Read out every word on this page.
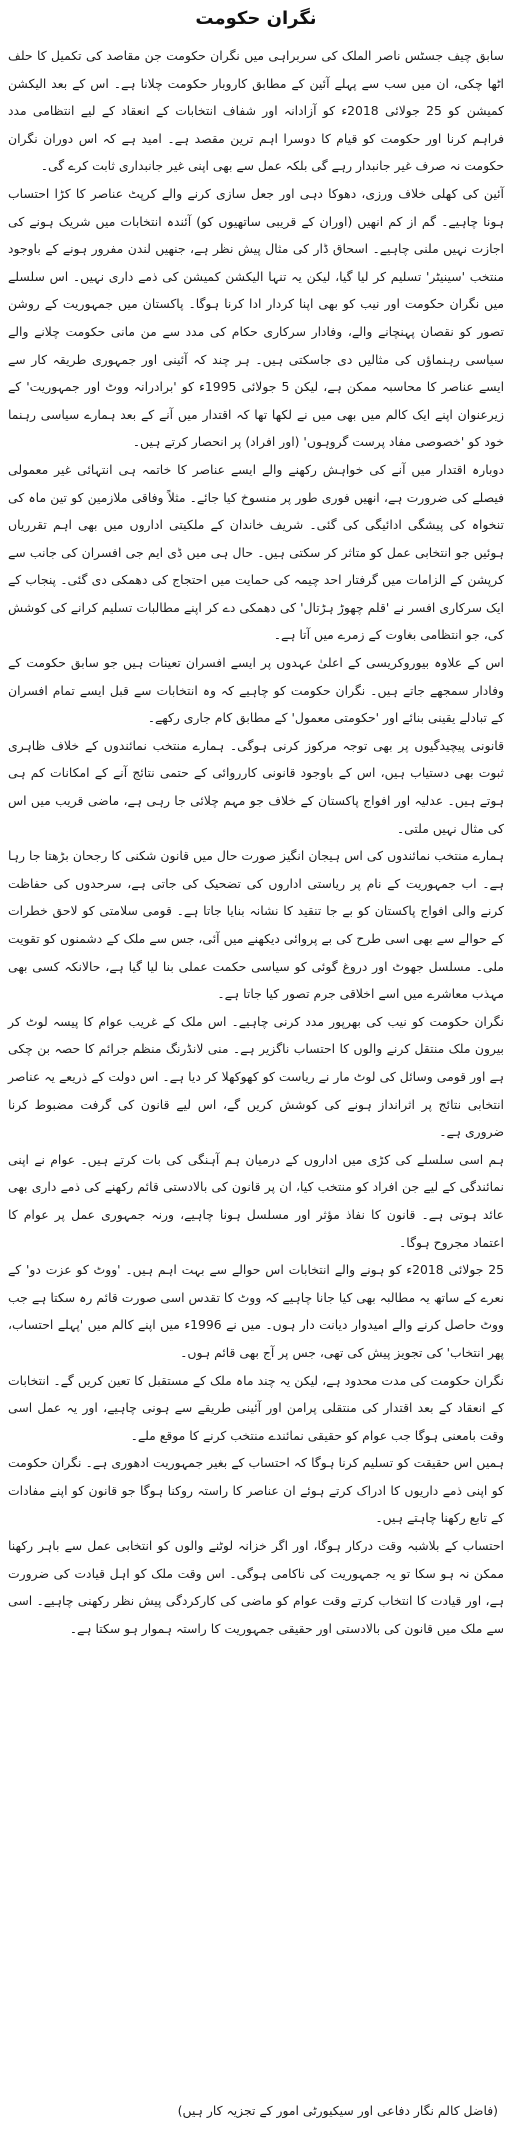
نگران حکومت

سابق چیف جسٹس ناصر الملک کی سربراہی میں نگران حکومت جن مقاصد کی تکمیل کا حلف اٹھا چکی، ان میں سب سے پہلے آئین کے مطابق کاروبار حکومت چلانا ہے۔ اس کے بعد الیکشن کمیشن کو 25 جولائی 2018ء کو آزادانہ اور شفاف انتخابات کے انعقاد کے لیے انتظامی مدد فراہم کرنا اور حکومت کو قیام کا دوسرا اہم ترین مقصد ہے۔ امید ہے کہ اس دوران نگران حکومت نہ صرف غیر جانبدار رہے گی بلکہ عمل سے بھی اپنی غیر جانبداری ثابت کرے گی۔

آئین کی کھلی خلاف ورزی، دھوکا دہی اور جعل سازی کرنے والے کرپٹ عناصر کا کڑا احتساب ہونا چاہیے۔ گم از کم انھیں (اوران کے قریبی ساتھیوں کو) آئندہ انتخابات میں شریک ہونے کی اجازت نہیں ملنی چاہیے۔ اسحاق ڈار کی مثال پیش نظر ہے، جنھیں لندن مفرور ہونے کے باوجود منتخب 'سینیٹر' تسلیم کر لیا گیا، لیکن یہ تنہا الیکشن کمیشن کی ذمے داری نہیں۔ اس سلسلے میں نگران حکومت اور نیب کو بھی اپنا کردار ادا کرنا ہوگا۔ پاکستان میں جمہوریت کے روشن تصور کو نقصان پہنچانے والے، وفادار سرکاری حکام کی مدد سے من مانی حکومت چلانے والے سیاسی رہنماؤں کی مثالیں دی جاسکتی ہیں۔ ہر چند کہ آئینی اور جمہوری طریقہ کار سے ایسے عناصر کا محاسبہ ممکن ہے، لیکن 5 جولائی 1995ء کو 'برادرانہ ووٹ اور جمہوریت' کے زیرعنوان اپنے ایک کالم میں بھی میں نے لکھا تھا کہ اقتدار میں آنے کے بعد ہمارے سیاسی رہنما خود کو 'خصوصی مفاد پرست گروہوں' (اور افراد) پر انحصار کرتے ہیں۔

دوبارہ اقتدار میں آنے کی خواہش رکھنے والے ایسے عناصر کا خاتمہ ہی انتہائی غیر معمولی فیصلے کی ضرورت ہے، انھیں فوری طور پر منسوخ کیا جائے۔ مثلاً وفاقی ملازمین کو تین ماہ کی تنخواہ کی پیشگی ادائیگی کی گئی۔ شریف خاندان کے ملکیتی اداروں میں بھی اہم تقرریاں ہوئیں جو انتخابی عمل کو متاثر کر سکتی ہیں۔ حال ہی میں ڈی ایم جی افسران کی جانب سے کرپشن کے الزامات میں گرفتار احد چیمہ کی حمایت میں احتجاج کی دھمکی دی گئی۔ پنجاب کے ایک سرکاری افسر نے 'قلم چھوڑ ہڑتال' کی دھمکی دے کر اپنے مطالبات تسلیم کرانے کی کوشش کی، جو انتظامی بغاوت کے زمرے میں آتا ہے۔

اس کے علاوہ بیوروکریسی کے اعلیٰ عہدوں پر ایسے افسران تعینات ہیں جو سابق حکومت کے وفادار سمجھے جاتے ہیں۔ نگران حکومت کو چاہیے کہ وہ انتخابات سے قبل ایسے تمام افسران کے تبادلے یقینی بنائے اور 'حکومتی معمول' کے مطابق کام جاری رکھے۔

قانونی پیچیدگیوں پر بھی توجہ مرکوز کرنی ہوگی۔ ہمارے منتخب نمائندوں کے خلاف ظاہری ثبوت بھی دستیاب ہیں، اس کے باوجود قانونی کارروائی کے حتمی نتائج آنے کے امکانات کم ہی ہوتے ہیں۔ عدلیہ اور افواج پاکستان کے خلاف جو مہم چلائی جا رہی ہے، ماضی قریب میں اس کی مثال نہیں ملتی۔

ہمارے منتخب نمائندوں کی اس ہیجان انگیز صورت حال میں قانون شکنی کا رجحان بڑھتا جا رہا ہے۔ اب جمہوریت کے نام پر ریاستی اداروں کی تضحیک کی جاتی ہے، سرحدوں کی حفاظت کرنے والی افواج پاکستان کو بے جا تنقید کا نشانہ بنایا جاتا ہے۔ قومی سلامتی کو لاحق خطرات کے حوالے سے بھی اسی طرح کی بے پروائی دیکھنے میں آئی، جس سے ملک کے دشمنوں کو تقویت ملی۔ مسلسل جھوٹ اور دروغ گوئی کو سیاسی حکمت عملی بنا لیا گیا ہے، حالانکہ کسی بھی مہذب معاشرے میں اسے اخلاقی جرم تصور کیا جاتا ہے۔

نگران حکومت کو نیب کی بھرپور مدد کرنی چاہیے۔ اس ملک کے غریب عوام کا پیسہ لوٹ کر بیرون ملک منتقل کرنے والوں کا احتساب ناگزیر ہے۔ منی لانڈرنگ منظم جرائم کا حصہ بن چکی ہے اور قومی وسائل کی لوٹ مار نے ریاست کو کھوکھلا کر دیا ہے۔ اس دولت کے ذریعے یہ عناصر انتخابی نتائج پر اثرانداز ہونے کی کوشش کریں گے، اس لیے قانون کی گرفت مضبوط کرنا ضروری ہے۔

ہم اسی سلسلے کی کڑی میں اداروں کے درمیان ہم آہنگی کی بات کرتے ہیں۔ عوام نے اپنی نمائندگی کے لیے جن افراد کو منتخب کیا، ان پر قانون کی بالادستی قائم رکھنے کی ذمے داری بھی عائد ہوتی ہے۔ قانون کا نفاذ مؤثر اور مسلسل ہونا چاہیے، ورنہ جمہوری عمل پر عوام کا اعتماد مجروح ہوگا۔

25 جولائی 2018ء کو ہونے والے انتخابات اس حوالے سے بہت اہم ہیں۔ 'ووٹ کو عزت دو' کے نعرے کے ساتھ یہ مطالبہ بھی کیا جانا چاہیے کہ ووٹ کا تقدس اسی صورت قائم رہ سکتا ہے جب ووٹ حاصل کرنے والے امیدوار دیانت دار ہوں۔ میں نے 1996ء میں اپنے کالم میں 'پہلے احتساب، پھر انتخاب' کی تجویز پیش کی تھی، جس پر آج بھی قائم ہوں۔

نگران حکومت کی مدت محدود ہے، لیکن یہ چند ماہ ملک کے مستقبل کا تعین کریں گے۔ انتخابات کے انعقاد کے بعد اقتدار کی منتقلی پرامن اور آئینی طریقے سے ہونی چاہیے، اور یہ عمل اسی وقت بامعنی ہوگا جب عوام کو حقیقی نمائندے منتخب کرنے کا موقع ملے۔

ہمیں اس حقیقت کو تسلیم کرنا ہوگا کہ احتساب کے بغیر جمہوریت ادھوری ہے۔ نگران حکومت کو اپنی ذمے داریوں کا ادراک کرتے ہوئے ان عناصر کا راستہ روکنا ہوگا جو قانون کو اپنے مفادات کے تابع رکھنا چاہتے ہیں۔

احتساب کے بلاشبہ وقت درکار ہوگا، اور اگر خزانہ لوٹنے والوں کو انتخابی عمل سے باہر رکھنا ممکن نہ ہو سکا تو یہ جمہوریت کی ناکامی ہوگی۔ اس وقت ملک کو اہل قیادت کی ضرورت ہے، اور قیادت کا انتخاب کرتے وقت عوام کو ماضی کی کارکردگی پیش نظر رکھنی چاہیے۔ اسی سے ملک میں قانون کی بالادستی اور حقیقی جمہوریت کا راستہ ہموار ہو سکتا ہے۔

(فاضل کالم نگار دفاعی اور سیکیورٹی امور کے تجزیہ کار ہیں)
